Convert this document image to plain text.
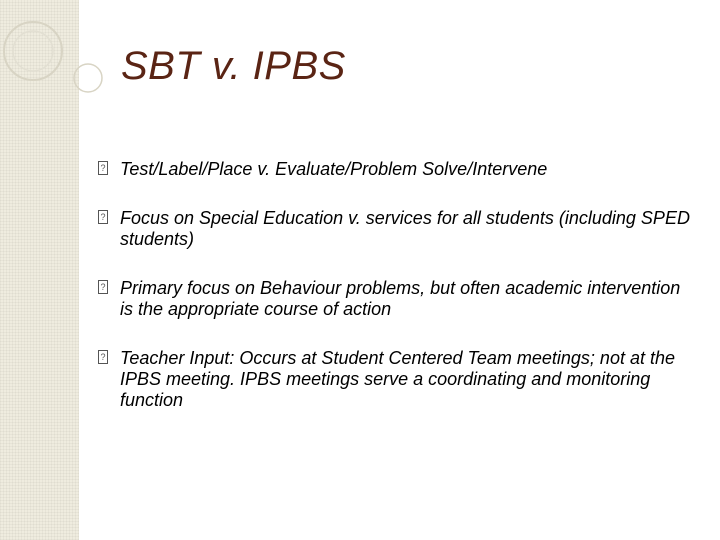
SBT v. IPBS
? Test/Label/Place v. Evaluate/Problem Solve/Intervene
? Focus on Special Education v. services for all students (including SPED students)
? Primary focus on Behaviour problems, but often academic intervention is the appropriate course of action
? Teacher Input: Occurs at Student Centered Team meetings; not at the IPBS meeting. IPBS meetings serve a coordinating and monitoring function
